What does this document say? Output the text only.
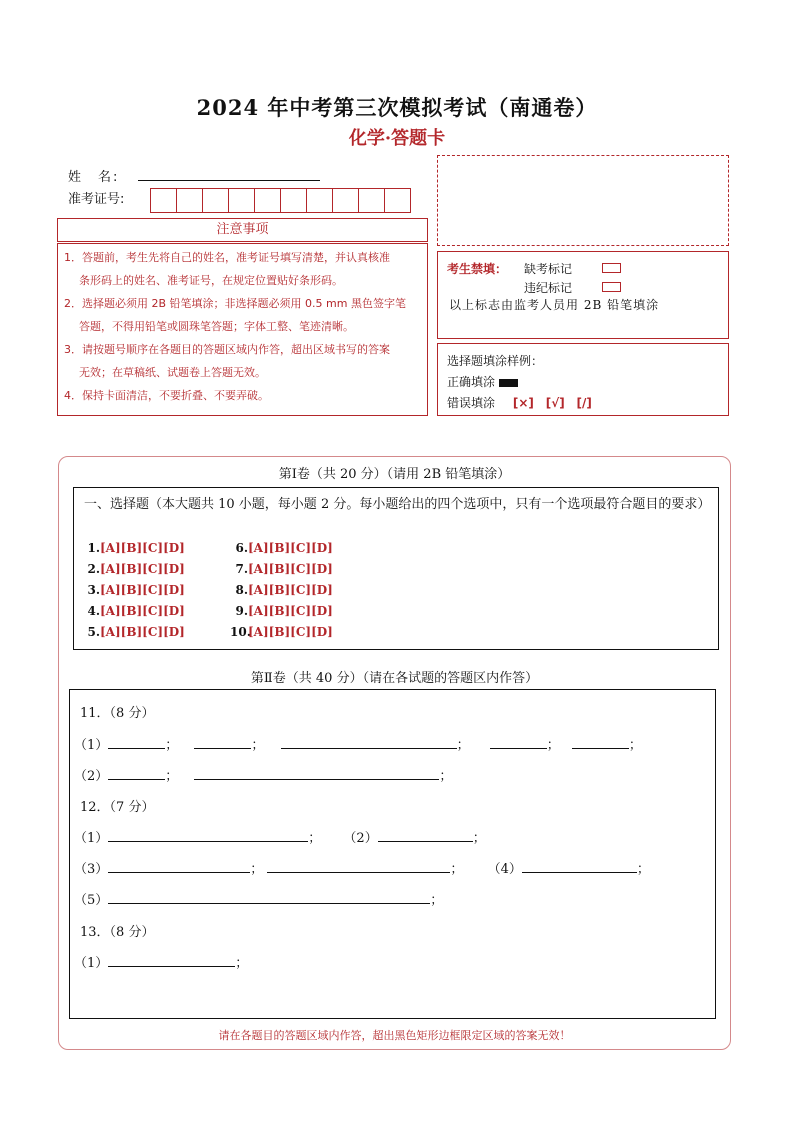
2024 年中考第三次模拟考试（南通卷）
化学·答题卡
姓　名:
准考证号:
注意事项
1．答题前，考生先将自己的姓名，准考证号填写清楚，并认真核准
条形码上的姓名、准考证号，在规定位置贴好条形码。
2．选择题必须用 2B 铅笔填涂；非选择题必须用 0.5 mm 黑色签字笔
答题，不得用铅笔或圆珠笔答题；字体工整、笔迹清晰。
3．请按题号顺序在各题目的答题区域内作答，超出区域书写的答案
无效；在草稿纸、试题卷上答题无效。
4．保持卡面清洁，不要折叠、不要弄破。
考生禁填： 缺考标记
违纪标记
以上标志由监考人员用 2B 铅笔填涂
选择题填涂样例：
正确填涂
错误填涂 [×] [√] [/]
第Ⅰ卷（共 20 分）（请用 2B 铅笔填涂）
一、选择题（本大题共 10 小题，每小题 2 分。每小题给出的四个选项中，只有一个选项最符合题目的要求）
1.[A][B][C][D]
2.[A][B][C][D]
3.[A][B][C][D]
4.[A][B][C][D]
5.[A][B][C][D]
6.[A][B][C][D]
7.[A][B][C][D]
8.[A][B][C][D]
9.[A][B][C][D]
10.[A][B][C][D]
第Ⅱ卷（共 40 分）（请在各试题的答题区内作答）
11．（8 分）
（1）	；	；	；	；	；
（2）	；	；
12．（7 分）
（1）	； （2）	；
（3）	；	； （4）	；
（5）	；
13．（8 分）
（1）	；
请在各题目的答题区域内作答，超出黑色矩形边框限定区域的答案无效！
